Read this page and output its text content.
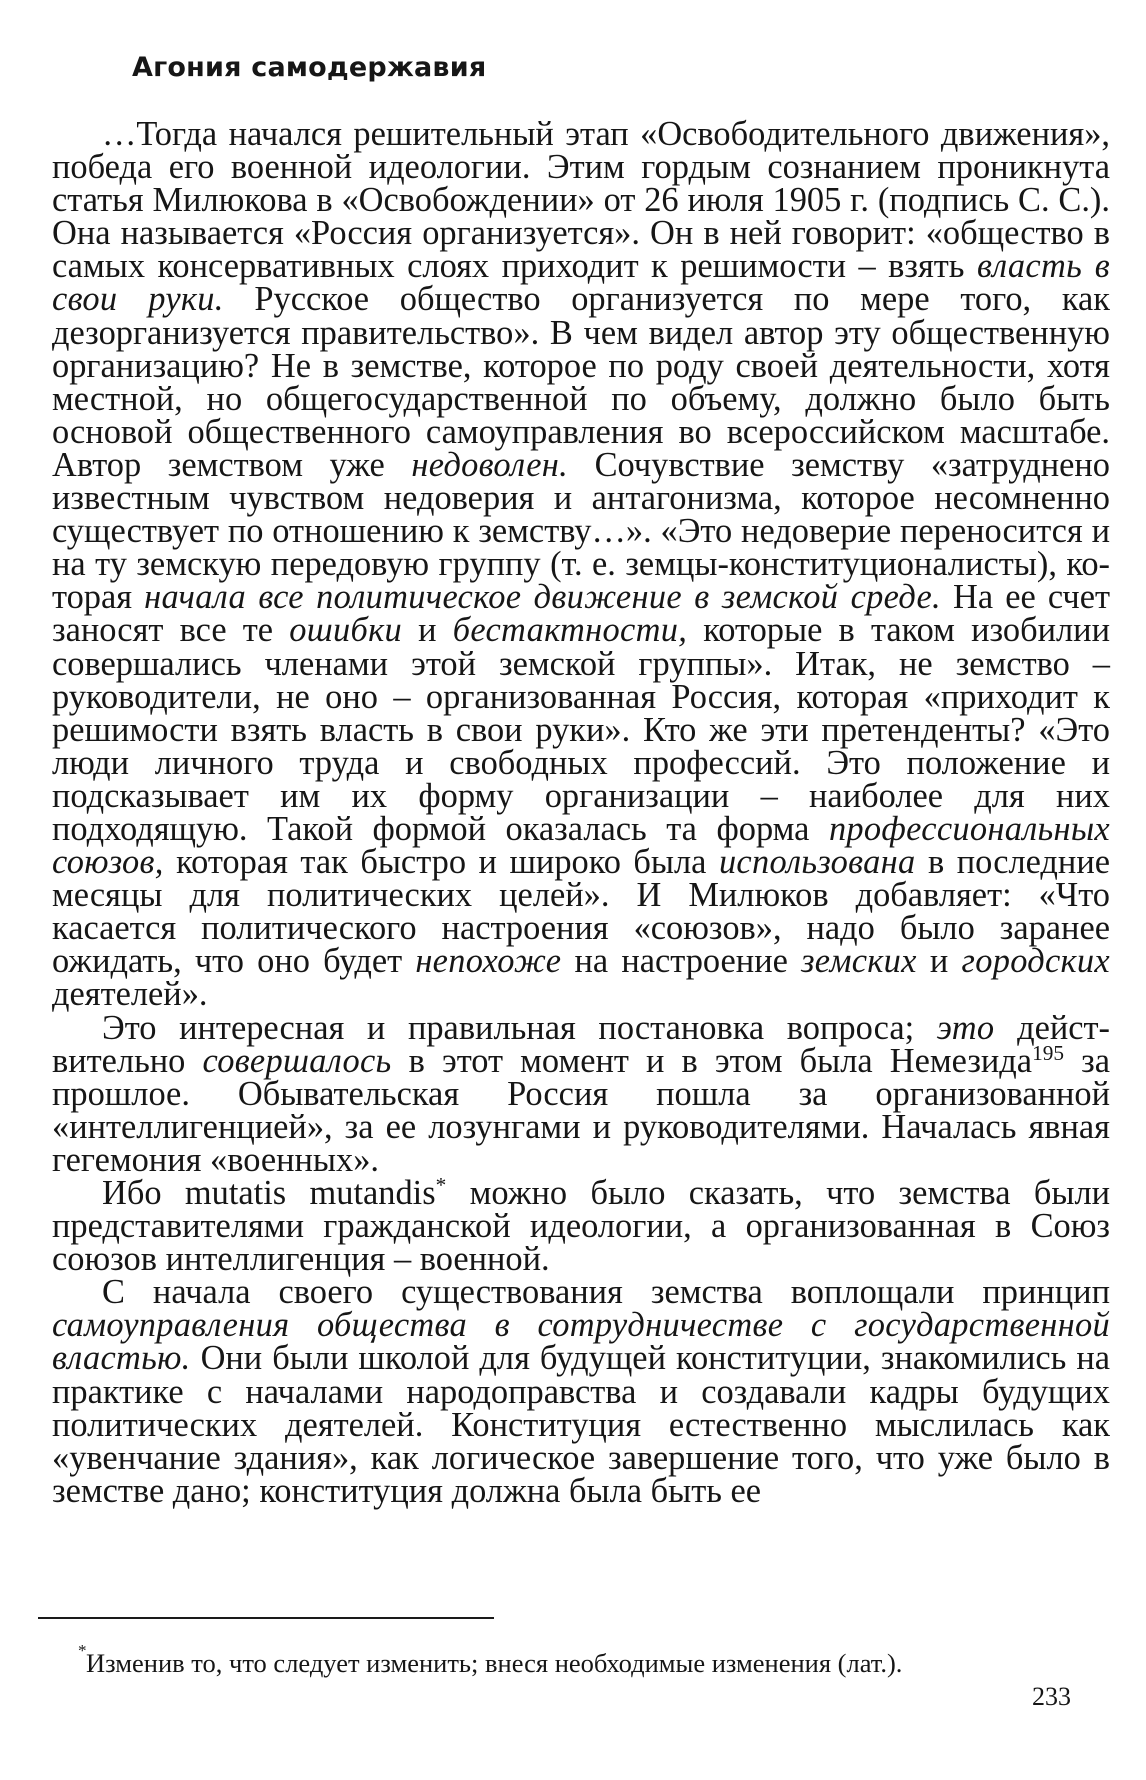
Агония самодержавия

…Тогда начался решительный этап «Освободительного движения», победа его военной идеологии. Этим гордым сознанием проникнута статья Милюкова в «Освобождении» от 26 июля 1905 г. (подпись С. С.). Она называется «Россия организуется». Он в ней говорит: «общество в самых консервативных слоях приходит к решимости – взять власть в свои руки. Русское общество организуется по мере того, как дезорганизуется правительство». В чем видел автор эту общественную организацию? Не в земстве, которое по роду своей деятельности, хотя местной, но общегосударственной по объему, должно было быть основой общественного самоуправления во всероссийском масштабе. Автор земством уже недоволен. Сочувствие земству «затруднено известным чувством недоверия и антагонизма, которое несомненно существует по отношению к земству…». «Это недоверие переносится и на ту земскую передовую группу (т. е. земцы-конституционалисты), которая начала все политическое движение в земской среде. На ее счет заносят все те ошибки и бестактности, которые в таком изобилии совершались членами этой земской группы». Итак, не земство – руководители, не оно – организованная Россия, которая «приходит к решимости взять власть в свои руки». Кто же эти претенденты? «Это люди личного труда и свободных профессий. Это положение и подсказывает им их форму организации – наиболее для них подходящую. Такой формой оказалась та форма профессиональных союзов, которая так быстро и широко была использована в последние месяцы для политических целей». И Милюков добавляет: «Что касается политического настроения «союзов», надо было заранее ожидать, что оно будет непохоже на настроение земских и городских деятелей».

Это интересная и правильная постановка вопроса; это действительно совершалось в этот момент и в этом была Немезида$^{195}$ за прошлое. Обывательская Россия пошла за организованной «интеллигенцией», за ее лозунгами и руководителями. Началась явная гегемония «военных».

Ибо mutatis mutandis* можно было сказать, что земства были представителями гражданской идеологии, а организованная в Союз союзов интеллигенция – военной.

С начала своего существования земства воплощали принцип самоуправления общества в сотрудничестве с государственной властью. Они были школой для будущей конституции, знакомились на практике с началами народоправства и создавали кадры будущих политических деятелей. Конституция естественно мыслилась как «увенчание здания», как логическое завершение того, что уже было в земстве дано; конституция должна была быть ее

* Изменив то, что следует изменить; внеся необходимые изменения (лат.).
233
